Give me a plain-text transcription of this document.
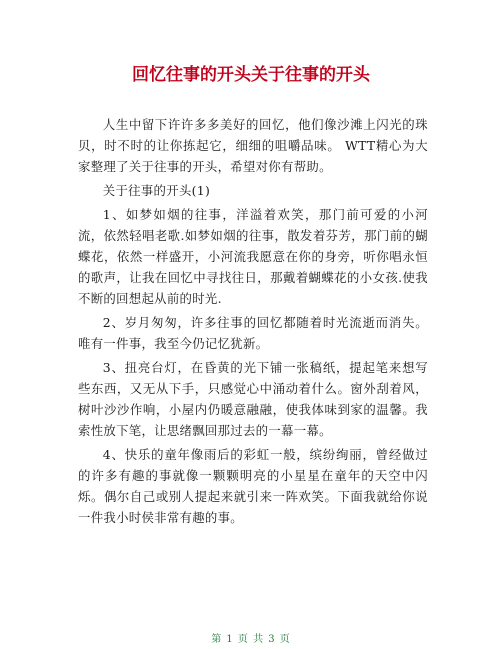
回忆往事的开头关于往事的开头

人生中留下许许多多美好的回忆，他们像沙滩上闪光的珠贝，时不时的让你拣起它，细细的咀嚼品味。 WTT精心为大家整理了关于往事的开头，希望对你有帮助。

关于往事的开头(1)

1、如梦如烟的往事，洋溢着欢笑，那门前可爱的小河流，依然轻唱老歌.如梦如烟的往事，散发着芬芳，那门前的蝴蝶花，依然一样盛开，小河流我愿意在你的身旁，听你唱永恒的歌声，让我在回忆中寻找往日，那戴着蝴蝶花的小女孩.使我不断的回想起从前的时光.

2、岁月匆匆，许多往事的回忆都随着时光流逝而消失。唯有一件事，我至今仍记忆犹新。

3、扭亮台灯，在昏黄的光下铺一张稿纸，提起笔来想写些东西，又无从下手，只感觉心中涌动着什么。窗外刮着风，树叶沙沙作响，小屋内仍暖意融融，使我体味到家的温馨。我索性放下笔，让思绪飘回那过去的一幕一幕。

4、快乐的童年像雨后的彩虹一般，缤纷绚丽，曾经做过的许多有趣的事就像一颗颗明亮的小星星在童年的天空中闪烁。偶尔自己或别人提起来就引来一阵欢笑。下面我就给你说一件我小时侯非常有趣的事。

第 1 页 共 3 页
